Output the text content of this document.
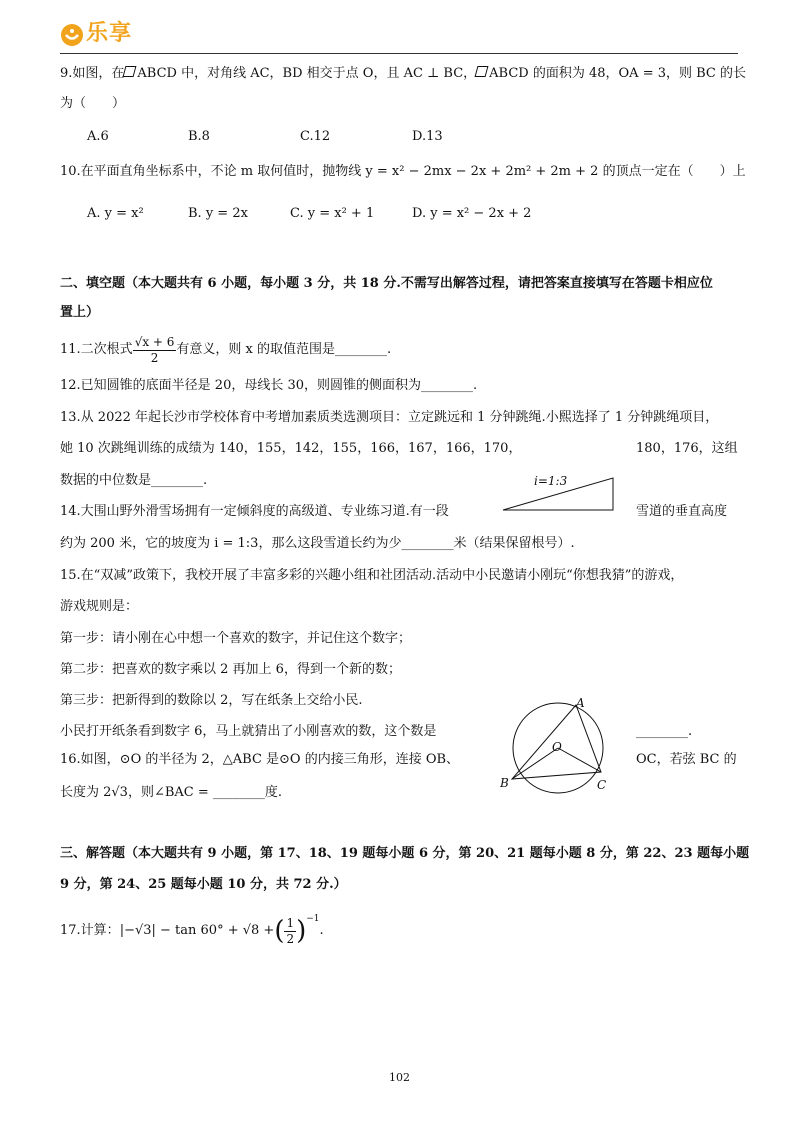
乐享
9.如图，在 ABCD 中，对角线 AC，BD 相交于点 O，且 AC ⊥ BC， ABCD 的面积为 48，OA = 3，则 BC 的长
为（　　）
A.6	B.8	C.12	D.13
10.在平面直角坐标系中，不论 m 取何值时，抛物线 y = x² − 2mx − 2x + 2m² + 2m + 2 的顶点一定在（　　）上
A. y = x²	B. y = 2x	C. y = x² + 1	D. y = x² − 2x + 2
二、填空题（本大题共有 6 小题，每小题 3 分，共 18 分.不需写出解答过程，请把答案直接填写在答题卡相应位
置上）
11.二次根式 $\frac{√x + 6}{2}$ 有意义，则 x 的取值范围是________.
12.已知圆锥的底面半径是 20，母线长 30，则圆锥的侧面积为________.
13.从 2022 年起长沙市学校体育中考增加素质类选测项目：立定跳远和 1 分钟跳绳.小熙选择了 1 分钟跳绳项目，
她 10 次跳绳训练的成绩为 140，155，142，155，166，167，166，170，	180，176，这组
数据的中位数是________.	i=1:3
14.大围山野外滑雪场拥有一定倾斜度的高级道、专业练习道.有一段	雪道的垂直高度
约为 200 米，它的坡度为 i = 1:3，那么这段雪道长约为少________米（结果保留根号）.
15.在“双减”政策下，我校开展了丰富多彩的兴趣小组和社团活动.活动中小民邀请小刚玩“你想我猜”的游戏，
游戏规则是：
第一步：请小刚在心中想一个喜欢的数字，并记住这个数字；
第二步：把喜欢的数字乘以 2 再加上 6，得到一个新的数；
第三步：把新得到的数除以 2，写在纸条上交给小民.
小民打开纸条看到数字 6，马上就猜出了小刚喜欢的数，这个数是	________.
A
O
B	C
16.如图，⊙O 的半径为 2，△ABC 是⊙O 的内接三角形，连接 OB、	OC，若弦 BC 的
长度为 2√3，则∠BAC = ________度.
三、解答题（本大题共有 9 小题，第 17、18、19 题每小题 6 分，第 20、21 题每小题 8 分，第 22、23 题每小题
9 分，第 24、25 题每小题 10 分，共 72 分.）
17.计算： |−√3| − tan 60° + √8 + ( $\frac{1}{2}$ ) −1
.
102
